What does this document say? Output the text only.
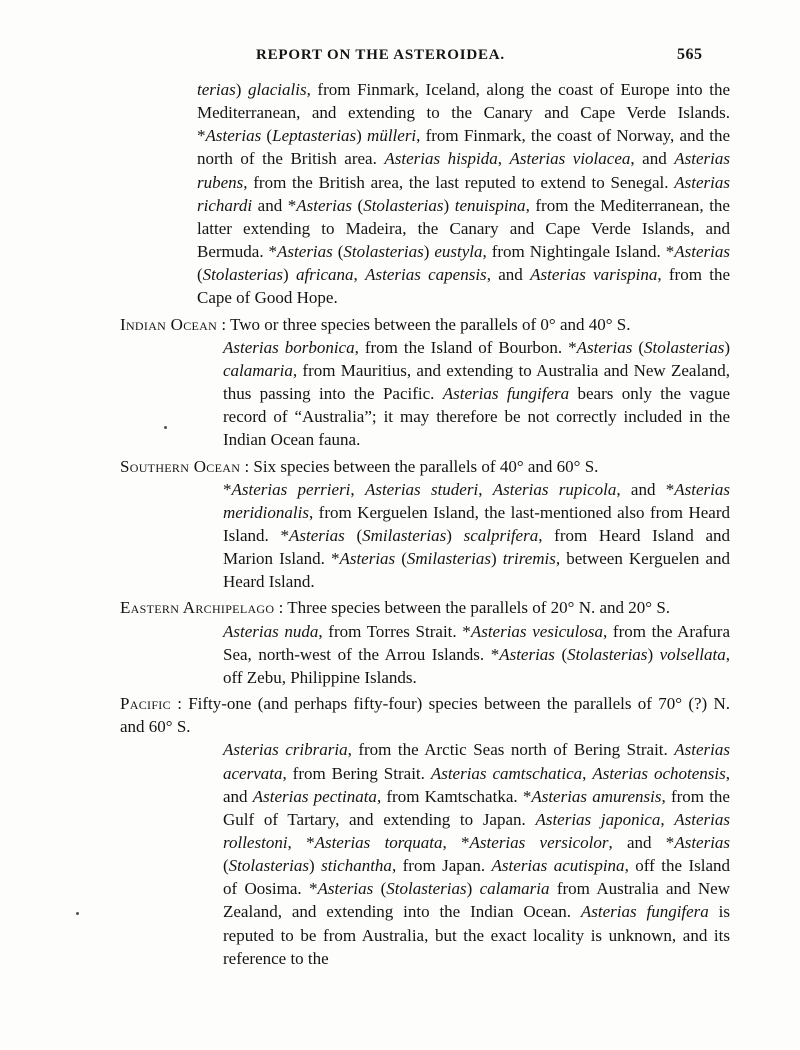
REPORT ON THE ASTEROIDEA.	565

terias) glacialis, from Finmark, Iceland, along the coast of Europe into the Mediterranean, and extending to the Canary and Cape Verde Islands. *Asterias (Leptasterias) mülleri, from Finmark, the coast of Norway, and the north of the British area. Asterias hispida, Asterias violacea, and Asterias rubens, from the British area, the last reputed to extend to Senegal. Asterias richardi and *Asterias (Stolasterias) tenuispina, from the Mediterranean, the latter extending to Madeira, the Canary and Cape Verde Islands, and Bermuda. *Asterias (Stolasterias) eustyla, from Nightingale Island. *Asterias (Stolasterias) africana, Asterias capensis, and Asterias varispina, from the Cape of Good Hope.

Indian Ocean : Two or three species between the parallels of 0° and 40° S.

Asterias borbonica, from the Island of Bourbon. *Asterias (Stolasterias) calamaria, from Mauritius, and extending to Australia and New Zealand, thus passing into the Pacific. Asterias fungifera bears only the vague record of “Australia”; it may therefore be not correctly included in the Indian Ocean fauna.

Southern Ocean : Six species between the parallels of 40° and 60° S.

*Asterias perrieri, Asterias studeri, Asterias rupicola, and *Asterias meridionalis, from Kerguelen Island, the last-mentioned also from Heard Island. *Asterias (Smilasterias) scalprifera, from Heard Island and Marion Island. *Asterias (Smilasterias) triremis, between Kerguelen and Heard Island.

Eastern Archipelago : Three species between the parallels of 20° N. and 20° S.

Asterias nuda, from Torres Strait. *Asterias vesiculosa, from the Arafura Sea, north-west of the Arrou Islands. *Asterias (Stolasterias) volsellata, off Zebu, Philippine Islands.

Pacific : Fifty-one (and perhaps fifty-four) species between the parallels of 70° (?) N. and 60° S.

Asterias cribraria, from the Arctic Seas north of Bering Strait. Asterias acervata, from Bering Strait. Asterias camtschatica, Asterias ochotensis, and Asterias pectinata, from Kamtschatka. *Asterias amurensis, from the Gulf of Tartary, and extending to Japan. Asterias japonica, Asterias rollestoni, *Asterias torquata, *Asterias versicolor, and *Asterias (Stolasterias) stichantha, from Japan. Asterias acutispina, off the Island of Oosima. *Asterias (Stolasterias) calamaria from Australia and New Zealand, and extending into the Indian Ocean. Asterias fungifera is reputed to be from Australia, but the exact locality is unknown, and its reference to the
